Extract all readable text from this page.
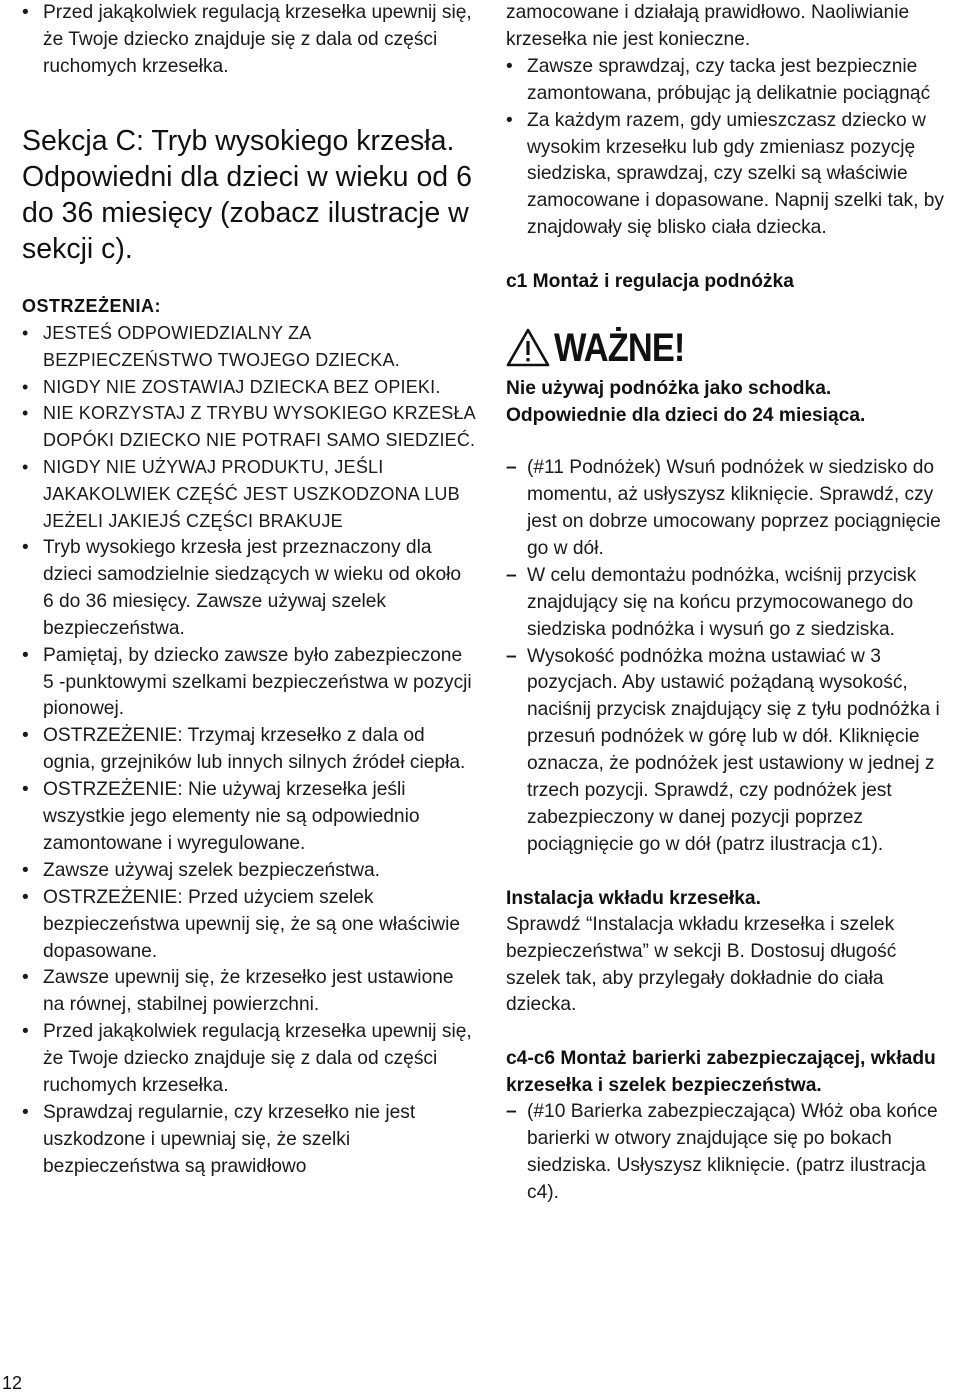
• Przed jakąkolwiek regulacją krzesełka upewnij się, że Twoje dziecko znajduje się z dala od części ruchomych krzesełka.
Sekcja C: Tryb wysokiego krzesła. Odpowiedni dla dzieci w wieku od 6 do 36 miesięcy (zobacz ilustracje w sekcji c).

OSTRZEŻENIA:

• JESTEŚ ODPOWIEDZIALNY ZA BEZPIECZEŃSTWO TWOJEGO DZIECKA.
• NIGDY NIE ZOSTAWIAJ DZIECKA BEZ OPIEKI.
• NIE KORZYSTAJ Z TRYBU WYSOKIEGO KRZESŁA DOPÓKI DZIECKO NIE POTRAFI SAMO SIEDZIEĆ.
• NIGDY NIE UŻYWAJ PRODUKTU, JEŚLI JAKAKOLWIEK CZĘŚĆ JEST USZKODZONA LUB JEŻELI JAKIEJŚ CZĘŚCI BRAKUJE
• Tryb wysokiego krzesła jest przeznaczony dla dzieci samodzielnie siedzących w wieku od około 6 do 36 miesięcy. Zawsze używaj szelek bezpieczeństwa.
• Pamiętaj, by dziecko zawsze było zabezpieczone 5 -punktowymi szelkami bezpieczeństwa w pozycji pionowej.
• OSTRZEŻENIE: Trzymaj krzesełko z dala od ognia, grzejników lub innych silnych źródeł ciepła.
• OSTRZEŻENIE: Nie używaj krzesełka jeśli wszystkie jego elementy nie są odpowiednio zamontowane i wyregulowane.
• Zawsze używaj szelek bezpieczeństwa.
• OSTRZEŻENIE: Przed użyciem szelek bezpieczeństwa upewnij się, że są one właściwie dopasowane.
• Zawsze upewnij się, że krzesełko jest ustawione na równej, stabilnej powierzchni.
• Przed jakąkolwiek regulacją krzesełka upewnij się, że Twoje dziecko znajduje się z dala od części ruchomych krzesełka.
• Sprawdzaj regularnie, czy krzesełko nie jest uszkodzone i upewniaj się, że szelki bezpieczeństwa są prawidłowo

zamocowane i działają prawidłowo. Naoliwianie krzesełka nie jest konieczne.

• Zawsze sprawdzaj, czy tacka jest bezpiecznie zamontowana, próbując ją delikatnie pociągnąć
• Za każdym razem, gdy umieszczasz dziecko w wysokim krzesełku lub gdy zmieniasz pozycję siedziska, sprawdzaj, czy szelki są właściwie zamocowane i dopasowane. Napnij szelki tak, by znajdowały się blisko ciała dziecka.

c1 Montaż i regulacja podnóżka

WAŻNE!

Nie używaj podnóżka jako schodka.

Odpowiednie dla dzieci do 24 miesiąca.

– (#11 Podnóżek) Wsuń podnóżek w siedzisko do momentu, aż usłyszysz kliknięcie. Sprawdź, czy jest on dobrze umocowany poprzez pociągnięcie go w dół.
– W celu demontażu podnóżka, wciśnij przycisk znajdujący się na końcu przymocowanego do siedziska podnóżka i wysuń go z siedziska.
– Wysokość podnóżka można ustawiać w 3 pozycjach. Aby ustawić pożądaną wysokość, naciśnij przycisk znajdujący się z tyłu podnóżka i przesuń podnóżek w górę lub w dół. Kliknięcie oznacza, że podnóżek jest ustawiony w jednej z trzech pozycji. Sprawdź, czy podnóżek jest zabezpieczony w danej pozycji poprzez pociągnięcie go w dół (patrz ilustracja c1).

Instalacja wkładu krzesełka.

Sprawdź “Instalacja wkładu krzesełka i szelek bezpieczeństwa” w sekcji B. Dostosuj długość szelek tak, aby przylegały dokładnie do ciała dziecka.

c4-c6 Montaż barierki zabezpieczającej, wkładu krzesełka i szelek bezpieczeństwa.

– (#10 Barierka zabezpieczająca) Włóż oba końce barierki w otwory znajdujące się po bokach siedziska. Usłyszysz kliknięcie. (patrz ilustracja c4).
12
